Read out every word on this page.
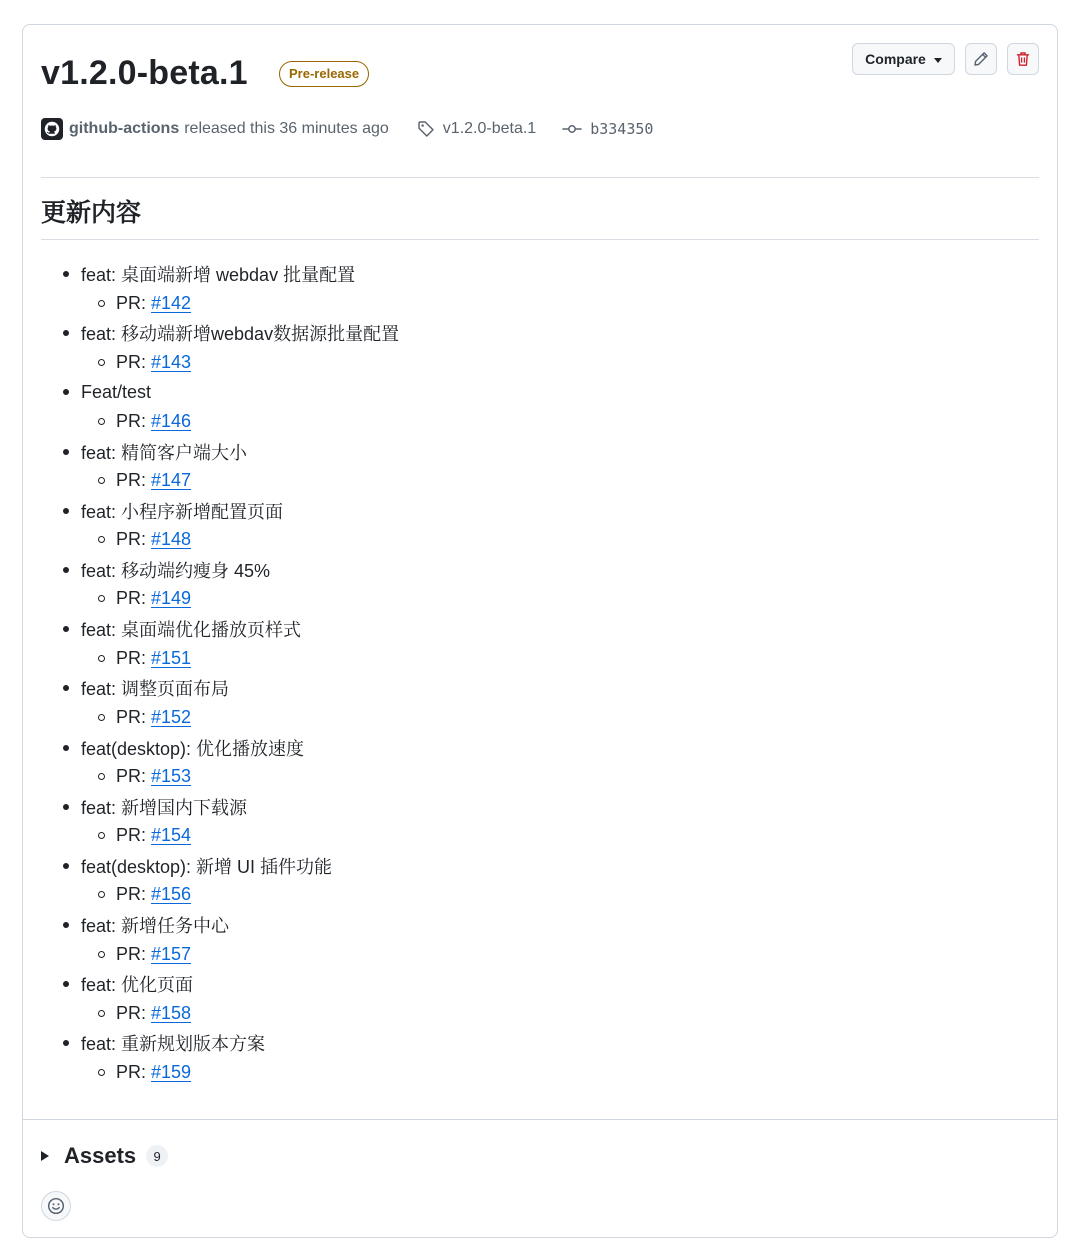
v1.2.0-beta.1	Pre-release
Compare
github-actions released this 36 minutes ago	v1.2.0-beta.1	b334350
更新内容
feat: 桌面端新增 webdav 批量配置
PR: #142
feat: 移动端新增webdav数据源批量配置
PR: #143
Feat/test
PR: #146
feat: 精简客户端大小
PR: #147
feat: 小程序新增配置页面
PR: #148
feat: 移动端约瘦身 45%
PR: #149
feat: 桌面端优化播放页样式
PR: #151
feat: 调整页面布局
PR: #152
feat(desktop): 优化播放速度
PR: #153
feat: 新增国内下载源
PR: #154
feat(desktop): 新增 UI 插件功能
PR: #156
feat: 新增任务中心
PR: #157
feat: 优化页面
PR: #158
feat: 重新规划版本方案
PR: #159
Assets	9
